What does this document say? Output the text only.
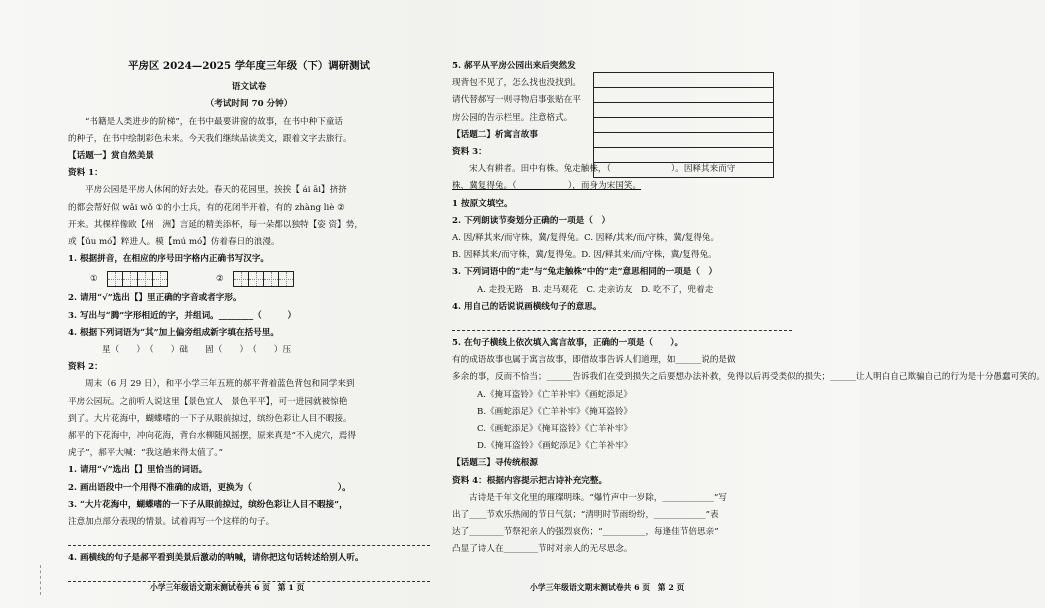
平房区 2024—2025 学年度三年级（下）调研测试
语文试卷
（考试时间 70 分钟）
“书籍是人类进步的阶梯”，在书中最要讲窗的故事，在书中种下童话
的种子，在书中绘制彩色未来。今天我们继续品读美文，跟着文字去旅行。
【话题一】赏自然美景
资料 1：
平房公园是平房人休闲的好去处。春天的花园里，挨挨【 ái āi】挤挤
的都会帮好似 wǎi wǒ ①的小士兵，有的花闭半开着，有的 zhàng liè ②
开来。其棵样像欧【州　洲】言延的精美添杯，每一朵都以独特【姿 资】势，
或【ǔu mó】粹进人。模【mú mó】仿着春日的浪漫。
1. 根据拼音，在相应的序号田字格内正确书写汉字。
①	②
2. 请用“√”选出【】里正确的字音或者字形。
3. 写出与“腾”字形相近的字，并组词。________（　　　）
4. 根据下列词语为“其”加上偏旁组成新字填在括号里。
星（　　）　（　　）础　　固（　　）　（　　）压
资料 2：
周末（6 月 29 日），和平小学三年五班的郝平背着蓝色背包和同学来到
平房公园玩。之前听人说这里【景色宜人　景色平平】，可一进园就被惊艳
到了。大片花海中，蝴蝶嗜的一下子从眼前掠过，缤纷色彩让人目不暇接。
郝平的下花海中，冲向花海，背台水柳随风摇摆，原来真是“不入虎穴，焉得
虎子”，郝平大喊：“我这趟来得太值了。”
1. 请用“√”选出【】里恰当的词语。
2. 画出语段中一个用得不准确的成语，更换为（　　　　　　　　　　）。
3. “大片花海中，蝴蝶嗜的一下子从眼前掠过，缤纷色彩让人目不暇接”，
注意加点部分表现的情景。试着再写一个这样的句子。
4. 画横线的句子是郝平看到美景后激动的呐喊，请你把这句话转述给别人听。
5. 郝平从平房公园出来后突然发
现背包不见了，怎么找也没找到。
请代替郝写一则寻物启事张贴在平
房公园的告示栏里。注意格式。
【话题二】析寓言故事
资料 3：
宋人有耕者。田中有株。兔走触株，（　　　　　　　）。因释其来而守
株，冀复得兔。（　　　　　　），而身为宋国笑。
1 按原文填空。
2. 下列朗读节奏划分正确的一项是（　）
A. 因/释其来/而守株，冀/复得兔。C. 因释/其来/而/守株，冀/复得兔。
B. 因释其来/而守株，冀/复得兔。D. 因/释其来/而/守株，冀/复得兔。
3. 下列词语中的“走”与“兔走触株”中的“走”意思相同的一项是（　）
A. 走投无路　B. 走马观花　C. 走亲访友　D. 吃不了，兜着走
4. 用自己的话说说画横线句子的意思。
5. 在句子横线上依次填入寓言故事，正确的一项是（　　）。
有的成语故事也属于寓言故事，即借故事告诉人们道理，如______说的是做
多余的事，反而不恰当；______告诉我们在受到损失之后要想办法补救，免得以后再受类似的损失；______让人明白自己欺骗自己的行为是十分愚蠢可笑的。
A.《掩耳盗铃》《亡羊补牢》《画蛇添足》
B.《画蛇添足》《亡羊补牢》《掩耳盗铃》
C.《画蛇添足》《掩耳盗铃》《亡羊补牢》
D.《掩耳盗铃》《画蛇添足》《亡羊补牢》
【话题三】寻传统根源
资料 4：根据内容提示把古诗补充完整。
古诗是千年文化里的璀璨明珠。“爆竹声中一岁除，____________”写
出了____节欢乐热闹的节日气氛；“清明时节雨纷纷，____________”表
达了________节祭祀亲人的强烈哀伤；“__________，每逢佳节倍思亲”
凸显了诗人在________节时对亲人的无尽思念。
小学三年级语文期末测试卷共 6 页　第 1 页	小学三年级语文期末测试卷共 6 页　第 2 页
